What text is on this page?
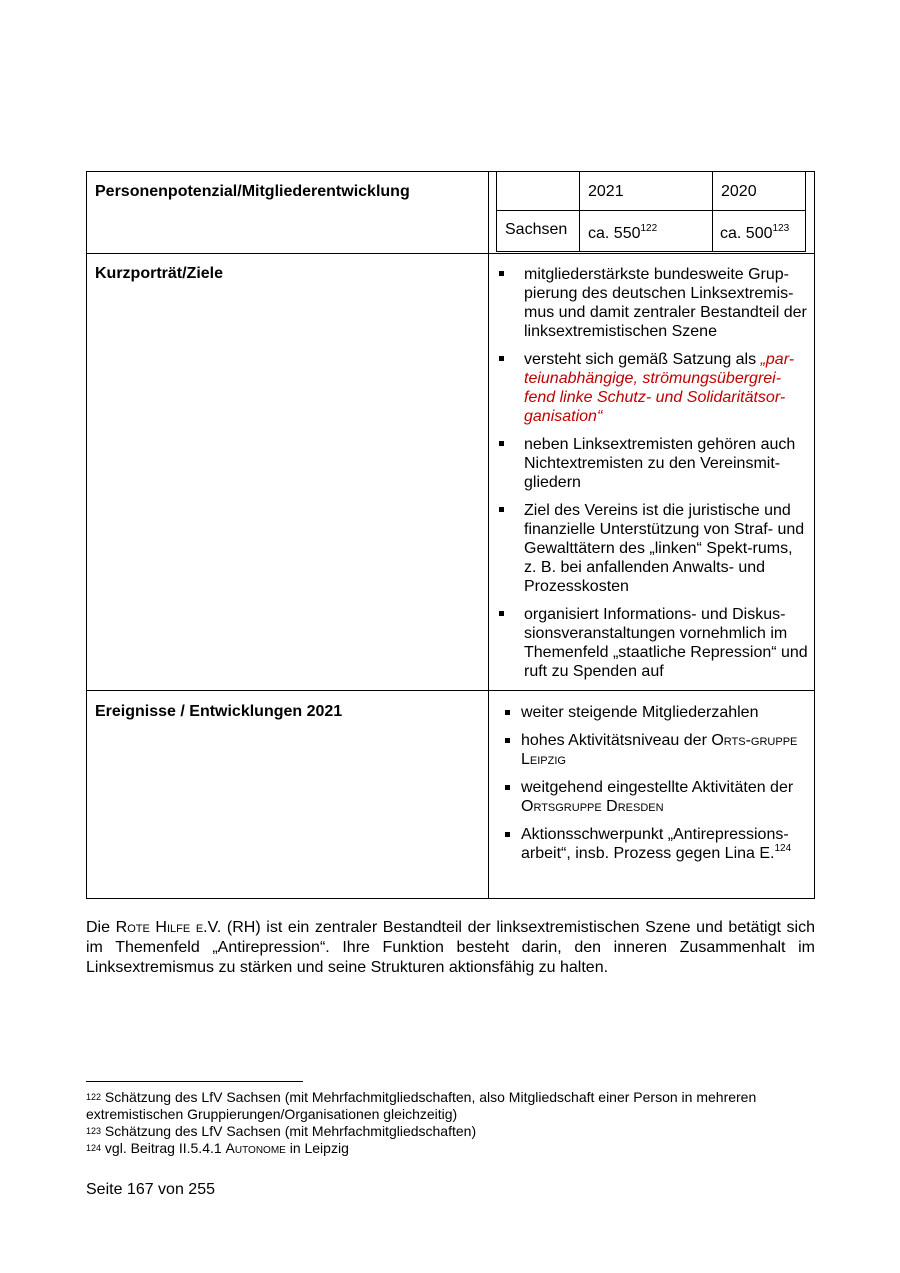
Personenpotenzial/Mitgliederentwicklung	2021	2020
Sachsen ca. $550^{122}$	ca. $500^{123}$
Kurzporträt/Ziele	mitgliederstärkste bundesweite Grup-pierung des deutschen Linksextremis-mus und damit zentraler Bestandteil der linksextremistischen Szene
versteht sich gemäß Satzung als „par-teiunabhängige, strömungsübergrei-fend linke Schutz- und Solidaritätsor-ganisation“
neben Linksextremisten gehören auch Nichtextremisten zu den Vereinsmit-gliedern
Ziel des Vereins ist die juristische und finanzielle Unterstützung von Straf- und Gewalttätern des „linken“ Spekt-rums, z. B. bei anfallenden Anwalts- und Prozesskosten
organisiert Informations- und Diskus-sionsveranstaltungen vornehmlich im Themenfeld „staatliche Repression“ und ruft zu Spenden auf
Ereignisse / Entwicklungen 2021	weiter steigende Mitgliederzahlen
hohes Aktivitätsniveau der Orts-gruppe Leipzig
weitgehend eingestellte Aktivitäten der Ortsgruppe Dresden
Aktionsschwerpunkt „Antirepressions-arbeit“, insb. Prozess gegen Lina E.$^{124}$

Die Rote Hilfe e.V. (RH) ist ein zentraler Bestandteil der linksextremistischen Szene und betätigt sich im Themenfeld „Antirepression“. Ihre Funktion besteht darin, den inneren Zusammenhalt im Linksextremismus zu stärken und seine Strukturen aktionsfähig zu halten.

$^{122}$ Schätzung des LfV Sachsen (mit Mehrfachmitgliedschaften, also Mitgliedschaft einer Person in mehreren extremistischen Gruppierungen/Organisationen gleichzeitig)
$^{123}$ Schätzung des LfV Sachsen (mit Mehrfachmitgliedschaften)
$^{124}$ vgl. Beitrag II.5.4.1 Autonome in Leipzig
Seite 167 von 255
